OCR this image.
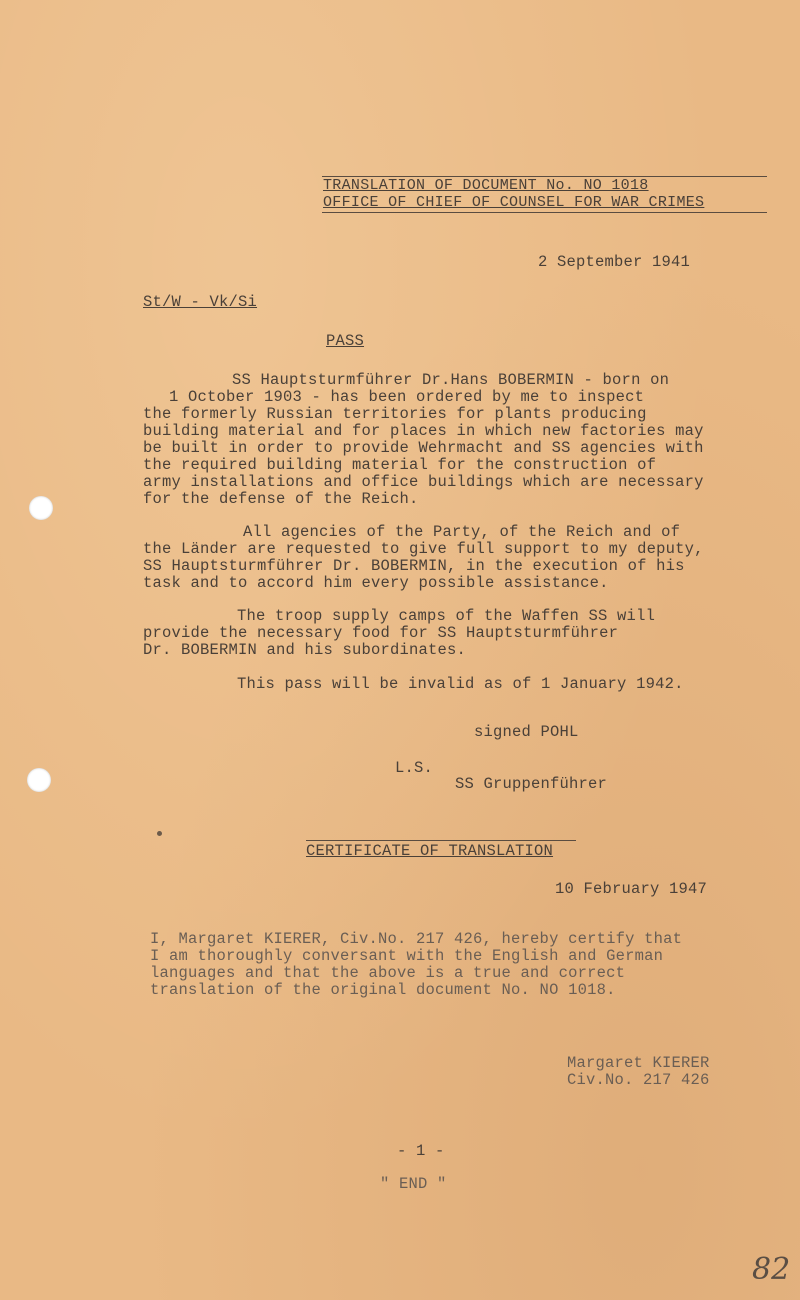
TRANSLATION OF DOCUMENT No. NO 1018
OFFICE OF CHIEF OF COUNSEL FOR WAR CRIMES
2 September 1941
St/W - Vk/Si
PASS
SS Hauptsturmführer Dr.Hans BOBERMIN - born on
1 October 1903 - has been ordered by me to inspect
the formerly Russian territories for plants producing
building material and for places in which new factories may
be built in order to provide Wehrmacht and SS agencies with
the required building material for the construction of
army installations and office buildings which are necessary
for the defense of the Reich.
All agencies of the Party, of the Reich and of
the Länder are requested to give full support to my deputy,
SS Hauptsturmführer Dr. BOBERMIN, in the execution of his
task and to accord him every possible assistance.
The troop supply camps of the Waffen SS will
provide the necessary food for SS Hauptsturmführer
Dr. BOBERMIN and his subordinates.
This pass will be invalid as of 1 January 1942.
signed POHL
L.S.
SS Gruppenführer
CERTIFICATE OF TRANSLATION
10 February 1947
I, Margaret KIERER, Civ.No. 217 426, hereby certify that
I am thoroughly conversant with the English and German
languages and that the above is a true and correct
translation of the original document No. NO 1018.
Margaret KIERER
Civ.No. 217 426
- 1 -
" END "
82
